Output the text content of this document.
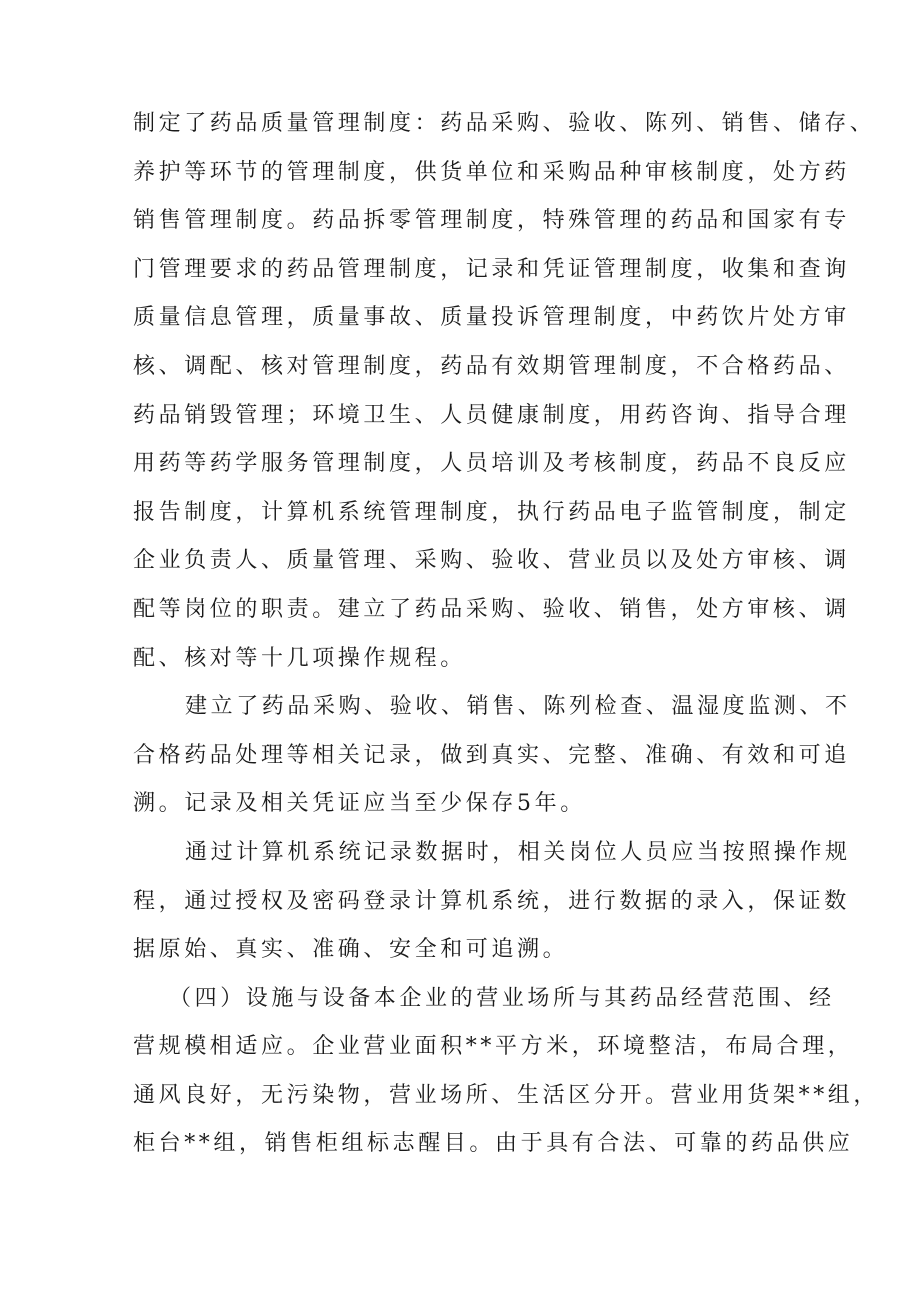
制定了药品质量管理制度：药品采购、验收、陈列、销售、储存、
养护等环节的管理制度，供货单位和采购品种审核制度，处方药
销售管理制度。药品拆零管理制度，特殊管理的药品和国家有专
门管理要求的药品管理制度，记录和凭证管理制度，收集和查询
质量信息管理，质量事故、质量投诉管理制度，中药饮片处方审
核、调配、核对管理制度，药品有效期管理制度，不合格药品、
药品销毁管理；环境卫生、人员健康制度，用药咨询、指导合理
用药等药学服务管理制度，人员培训及考核制度，药品不良反应
报告制度，计算机系统管理制度，执行药品电子监管制度，制定
企业负责人、质量管理、采购、验收、营业员以及处方审核、调
配等岗位的职责。建立了药品采购、验收、销售，处方审核、调
配、核对等十几项操作规程。
建立了药品采购、验收、销售、陈列检查、温湿度监测、不
合格药品处理等相关记录，做到真实、完整、准确、有效和可追
溯。记录及相关凭证应当至少保存5年。
通过计算机系统记录数据时，相关岗位人员应当按照操作规
程，通过授权及密码登录计算机系统，进行数据的录入，保证数
据原始、真实、准确、安全和可追溯。
（四）设施与设备本企业的营业场所与其药品经营范围、经
营规模相适应。企业营业面积**平方米，环境整洁，布局合理，
通风良好，无污染物，营业场所、生活区分开。营业用货架**组，
柜台**组，销售柜组标志醒目。由于具有合法、可靠的药品供应
